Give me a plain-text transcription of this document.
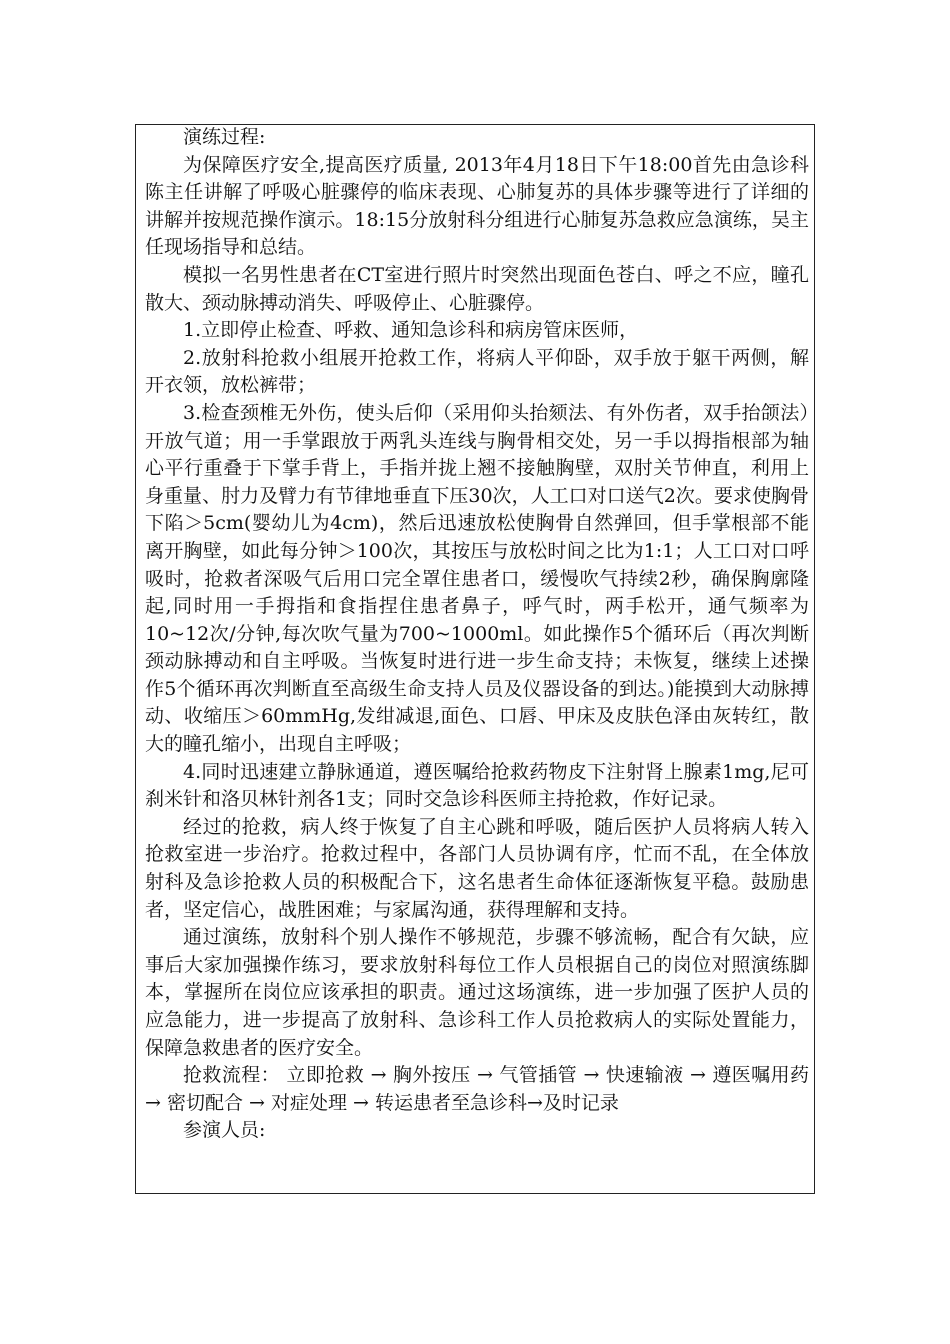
演练过程:

为保障医疗安全,提高医疗质量, 2013年4月18日下午18:00首先由急诊科陈主任讲解了呼吸心脏骤停的临床表现、心肺复苏的具体步骤等进行了详细的讲解并按规范操作演示。18:15分放射科分组进行心肺复苏急救应急演练，吴主任现场指导和总结。

模拟一名男性患者在CT室进行照片时突然出现面色苍白、呼之不应，瞳孔散大、颈动脉搏动消失、呼吸停止、心脏骤停。

1.立即停止检查、呼救、通知急诊科和病房管床医师，

2.放射科抢救小组展开抢救工作，将病人平仰卧，双手放于躯干两侧，解开衣领，放松裤带；

3.检查颈椎无外伤，使头后仰（采用仰头抬颏法、有外伤者，双手抬颌法）开放气道；用一手掌跟放于两乳头连线与胸骨相交处，另一手以拇指根部为轴心平行重叠于下掌手背上，手指并拢上翘不接触胸壁，双肘关节伸直，利用上身重量、肘力及臂力有节律地垂直下压30次，人工口对口送气2次。要求使胸骨下陷＞5cm(婴幼儿为4cm)，然后迅速放松使胸骨自然弹回，但手掌根部不能离开胸壁，如此每分钟＞100次，其按压与放松时间之比为1:1；人工口对口呼吸时，抢救者深吸气后用口完全罩住患者口，缓慢吹气持续2秒，确保胸廓隆起,同时用一手拇指和食指捏住患者鼻子，呼气时，两手松开，通气频率为10~12次/分钟,每次吹气量为700~1000ml。如此操作5个循环后（再次判断颈动脉搏动和自主呼吸。当恢复时进行进一步生命支持；未恢复，继续上述操作5个循环再次判断直至高级生命支持人员及仪器设备的到达。)能摸到大动脉搏动、收缩压＞60mmHg,发绀减退,面色、口唇、甲床及皮肤色泽由灰转红，散大的瞳孔缩小，出现自主呼吸；

4.同时迅速建立静脉通道，遵医嘱给抢救药物皮下注射肾上腺素1mg,尼可刹米针和洛贝林针剂各1支；同时交急诊科医师主持抢救，作好记录。

经过的抢救，病人终于恢复了自主心跳和呼吸，随后医护人员将病人转入抢救室进一步治疗。抢救过程中，各部门人员协调有序，忙而不乱，在全体放射科及急诊抢救人员的积极配合下，这名患者生命体征逐渐恢复平稳。鼓励患者，坚定信心，战胜困难；与家属沟通，获得理解和支持。

通过演练，放射科个别人操作不够规范，步骤不够流畅，配合有欠缺，应事后大家加强操作练习，要求放射科每位工作人员根据自己的岗位对照演练脚本，掌握所在岗位应该承担的职责。通过这场演练，进一步加强了医护人员的应急能力，进一步提高了放射科、急诊科工作人员抢救病人的实际处置能力，保障急救患者的医疗安全。

抢救流程： 立即抢救 → 胸外按压 → 气管插管 → 快速输液 → 遵医嘱用药 → 密切配合 → 对症处理 → 转运患者至急诊科→及时记录

参演人员:
